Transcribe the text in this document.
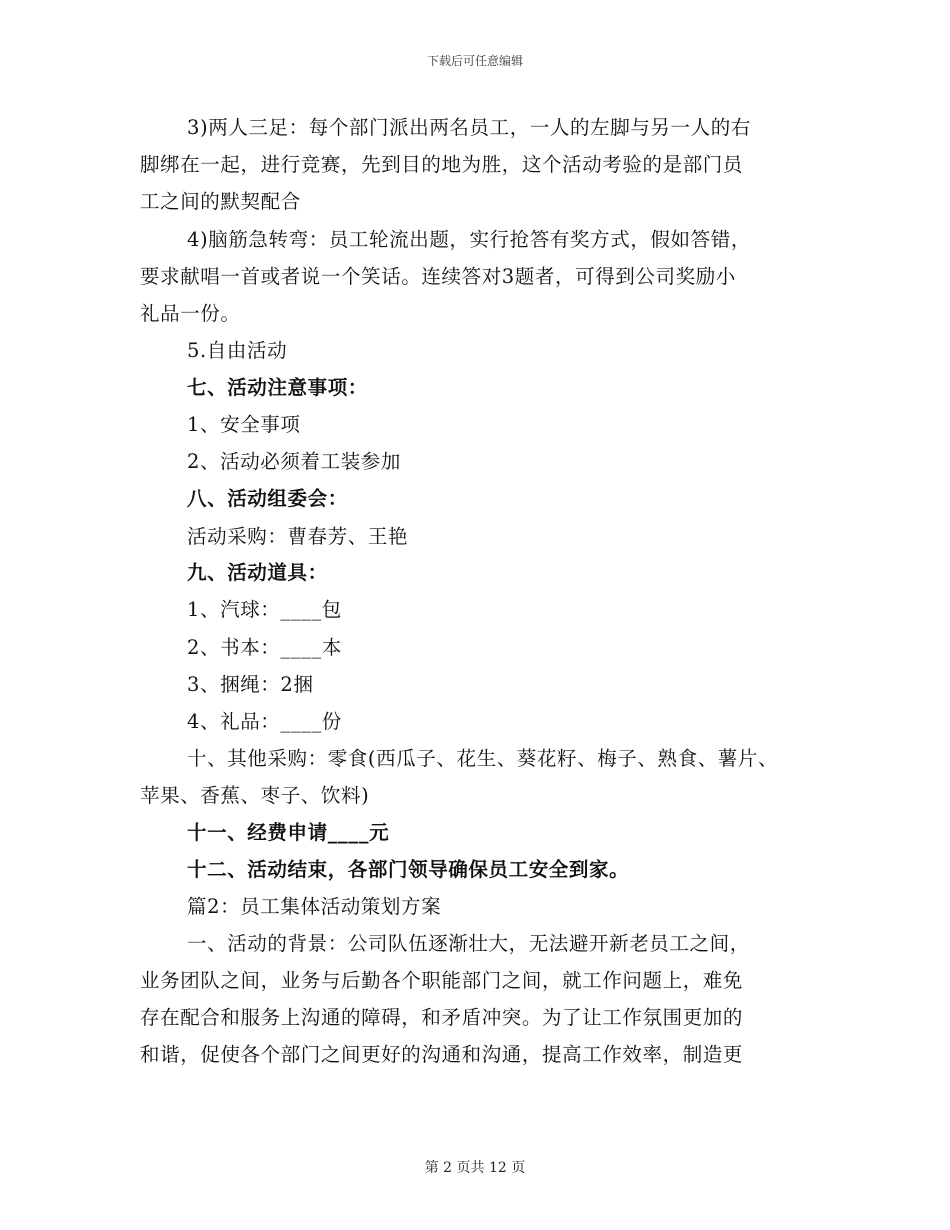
下载后可任意编辑
3)两人三足：每个部门派出两名员工，一人的左脚与另一人的右
脚绑在一起，进行竞赛，先到目的地为胜，这个活动考验的是部门员
工之间的默契配合
4)脑筋急转弯：员工轮流出题，实行抢答有奖方式，假如答错，
要求献唱一首或者说一个笑话。连续答对3题者，可得到公司奖励小
礼品一份。
5.自由活动
七、活动注意事项：
1、安全事项
2、活动必须着工装参加
八、活动组委会：
活动采购：曹春芳、王艳
九、活动道具：
1、汽球：____包
2、书本：____本
3、捆绳：2捆
4、礼品：____份
十、其他采购：零食(西瓜子、花生、葵花籽、梅子、熟食、薯片、
苹果、香蕉、枣子、饮料)
十一、经费申请____元
十二、活动结束，各部门领导确保员工安全到家。
篇2：员工集体活动策划方案
一、活动的背景：公司队伍逐渐壮大，无法避开新老员工之间，
业务团队之间，业务与后勤各个职能部门之间，就工作问题上，难免
存在配合和服务上沟通的障碍，和矛盾冲突。为了让工作氛围更加的
和谐，促使各个部门之间更好的沟通和沟通，提高工作效率，制造更
第 2 页共 12 页
